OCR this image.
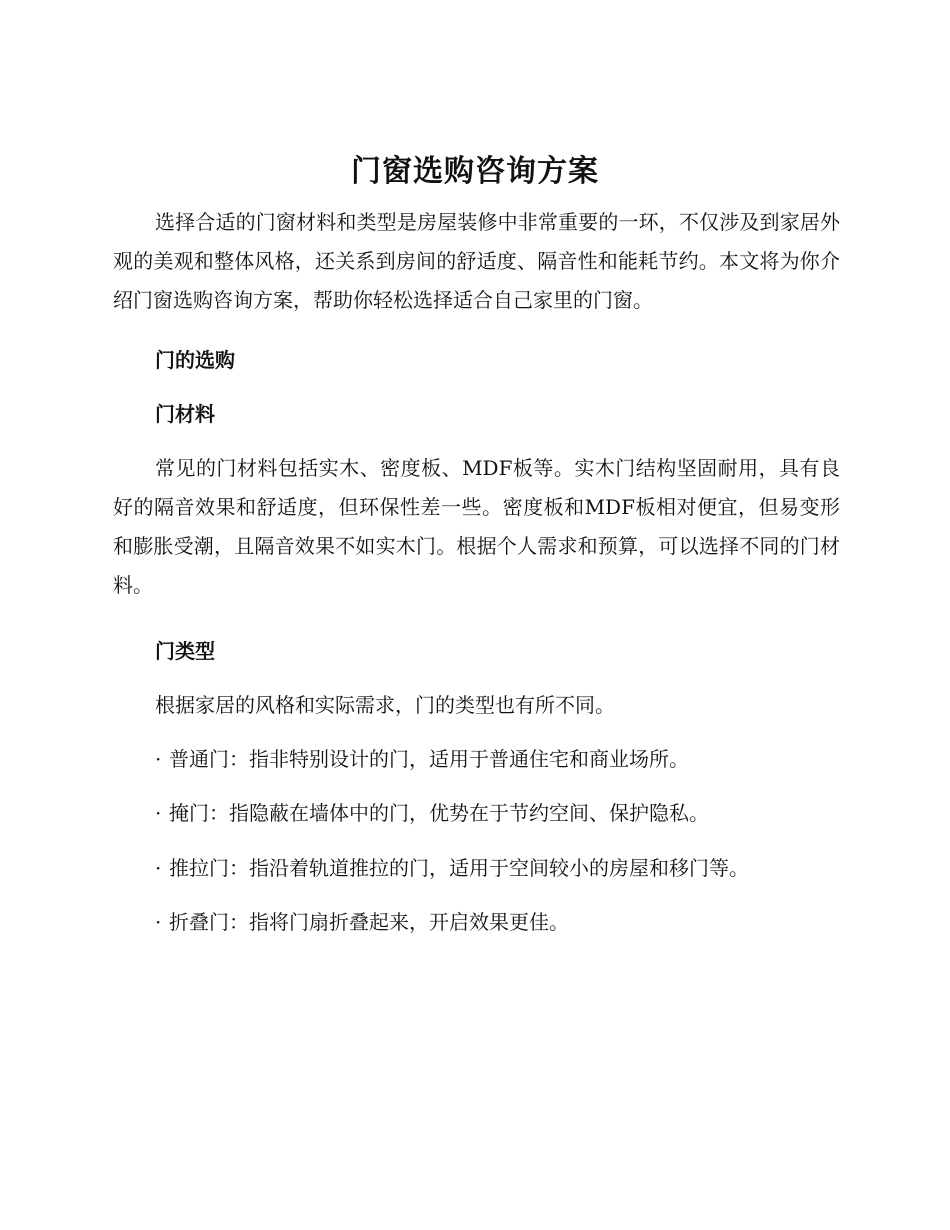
门窗选购咨询方案

选择合适的门窗材料和类型是房屋装修中非常重要的一环，不仅涉及到家居外观的美观和整体风格，还关系到房间的舒适度、隔音性和能耗节约。本文将为你介绍门窗选购咨询方案，帮助你轻松选择适合自己家里的门窗。

门的选购
门材料

常见的门材料包括实木、密度板、MDF板等。实木门结构坚固耐用，具有良好的隔音效果和舒适度，但环保性差一些。密度板和MDF板相对便宜，但易变形和膨胀受潮，且隔音效果不如实木门。根据个人需求和预算，可以选择不同的门材料。

门类型

根据家居的风格和实际需求，门的类型也有所不同。

· 普通门：指非特别设计的门，适用于普通住宅和商业场所。

· 掩门：指隐蔽在墙体中的门，优势在于节约空间、保护隐私。

· 推拉门：指沿着轨道推拉的门，适用于空间较小的房屋和移门等。

· 折叠门：指将门扇折叠起来，开启效果更佳。
